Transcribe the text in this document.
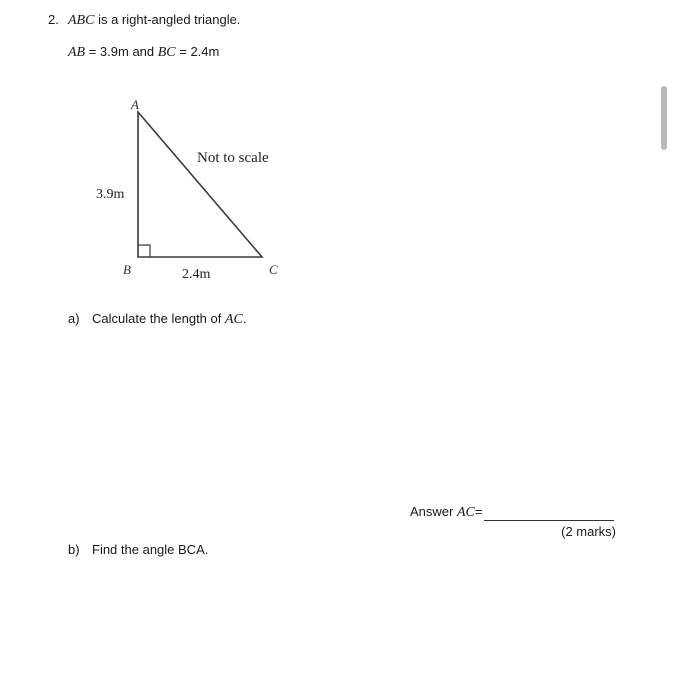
2. ABC is a right-angled triangle.
AB = 3.9m and BC = 2.4m
A
B	C
3.9m
2.4m
Not to scale
a) Calculate the length of AC.
Answer AC=
(2 marks)
b) Find the angle BCA.
